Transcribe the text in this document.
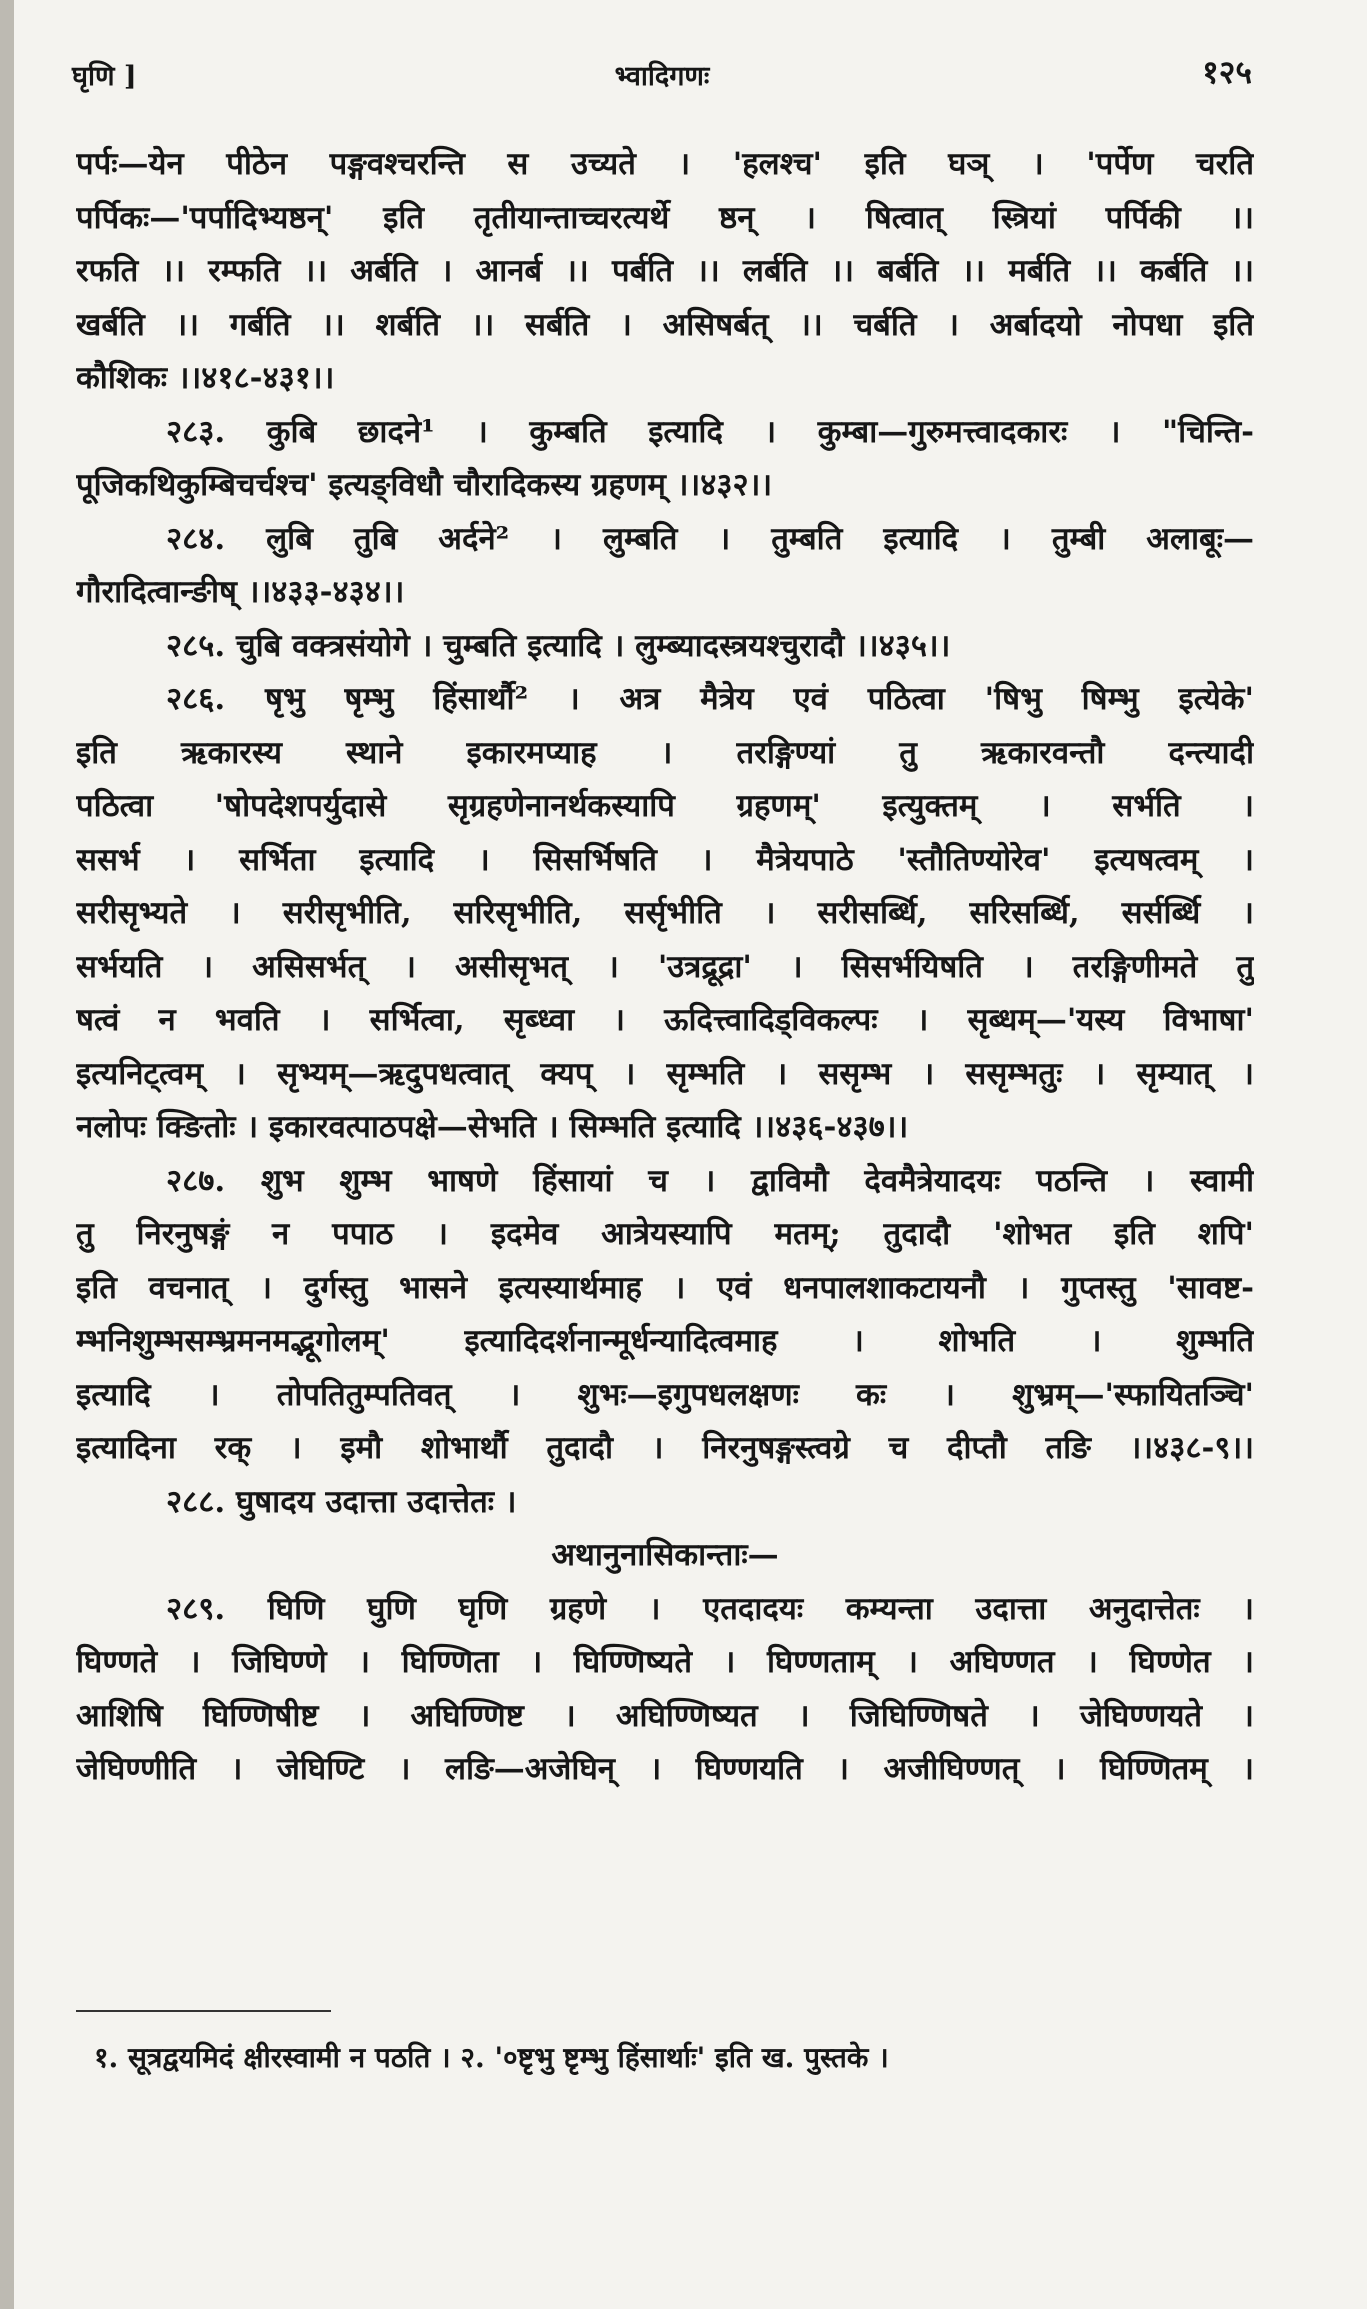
घृणि ]	भ्वादिगणः	१२५
पर्पः—येन पीठेन पङ्गवश्चरन्ति स उच्यते । 'हलश्च' इति घञ् । 'पर्पेण चरति
पर्पिकः—'पर्पादिभ्यष्ठन्' इति तृतीयान्ताच्चरत्यर्थे ष्ठन् । षित्वात् स्त्रियां पर्पिकी ।।
रफति ।। रम्फति ।। अर्बति । आनर्ब ।। पर्बति ।। लर्बति ।। बर्बति ।। मर्बति ।। कर्बति ।।
खर्बति ।। गर्बति ।। शर्बति ।। सर्बति । असिषर्बत् ।। चर्बति । अर्बादयो नोपधा इति
कौशिकः ।।४१८-४३१।।
२८३. कुबि छादने¹ । कुम्बति इत्यादि । कुम्बा—गुरुमत्त्वादकारः । "चिन्ति-
पूजिकथिकुम्बिचर्चश्च' इत्यङ्विधौ चौरादिकस्य ग्रहणम् ।।४३२।।
२८४. लुबि तुबि अर्दने² । लुम्बति । तुम्बति इत्यादि । तुम्बी अलाबूः—
गौरादित्वान्ङीष् ।।४३३-४३४।।
२८५. चुबि वक्त्रसंयोगे । चुम्बति इत्यादि । लुम्ब्यादस्त्रयश्चुरादौ ।।४३५।।
२८६. षृभु षृम्भु हिंसार्थौ² । अत्र मैत्रेय एवं पठित्वा 'षिभु षिम्भु इत्येके'
इति ऋकारस्य स्थाने इकारमप्याह । तरङ्गिण्यां तु ऋकारवन्तौ दन्त्यादी
पठित्वा 'षोपदेशपर्युदासे सृग्रहणेनानर्थकस्यापि ग्रहणम्' इत्युक्तम् । सर्भति ।
ससर्भ । सर्भिता इत्यादि । सिसर्भिषति । मैत्रेयपाठे 'स्तौतिण्योरेव' इत्यषत्वम् ।
सरीसृभ्यते । सरीसृभीति, सरिसृभीति, सर्सृभीति । सरीसर्ब्धि, सरिसर्ब्धि, सर्सर्ब्धि ।
सर्भयति । असिसर्भत् । असीसृभत् । 'उत्रद्रूद्रा' । सिसर्भयिषति । तरङ्गिणीमते तु
षत्वं न भवति । सर्भित्वा, सृब्ध्वा । ऊदित्त्वादिड्विकल्पः । सृब्धम्—'यस्य विभाषा'
इत्यनिट्त्वम् । सृभ्यम्—ऋदुपधत्वात् क्यप् । सृम्भति । ससृम्भ । ससृम्भतुः । सृम्यात् ।
नलोपः क्ङितोः । इकारवत्पाठपक्षे—सेभति । सिम्भति इत्यादि ।।४३६-४३७।।
२८७. शुभ शुम्भ भाषणे हिंसायां च । द्वाविमौ देवमैत्रेयादयः पठन्ति । स्वामी
तु निरनुषङ्गं न पपाठ । इदमेव आत्रेयस्यापि मतम्; तुदादौ 'शोभत इति शपि'
इति वचनात् । दुर्गस्तु भासने इत्यस्यार्थमाह । एवं धनपालशाकटायनौ । गुप्तस्तु 'सावष्ट-
म्भनिशुम्भसम्भ्रमनमद्भूगोलम्' इत्यादिदर्शनान्मूर्धन्यादित्वमाह । शोभति । शुम्भति
इत्यादि । तोपतितुम्पतिवत् । शुभः—इगुपधलक्षणः कः । शुभ्रम्—'स्फायितञ्चि'
इत्यादिना रक् । इमौ शोभार्थौ तुदादौ । निरनुषङ्गस्त्वग्रे च दीप्तौ तङि ।।४३८-९।।
२८८. घुषादय उदात्ता उदात्तेतः ।
अथानुनासिकान्ताः—
२८९. घिणि घुणि घृणि ग्रहणे । एतदादयः कम्यन्ता उदात्ता अनुदात्तेतः ।
घिण्णते । जिघिण्णे । घिण्णिता । घिण्णिष्यते । घिण्णताम् । अघिण्णत । घिण्णेत ।
आशिषि घिण्णिषीष्ट । अघिण्णिष्ट । अघिण्णिष्यत । जिघिण्णिषते । जेघिण्णयते ।
जेघिण्णीति । जेघिण्टि । लङि—अजेघिन् । घिण्णयति । अजीघिण्णत् । घिण्णितम् ।
१. सूत्रद्वयमिदं क्षीरस्वामी न पठति । २. '०ष्टृभु ष्टृम्भु हिंसार्थाः' इति ख. पुस्तके ।
